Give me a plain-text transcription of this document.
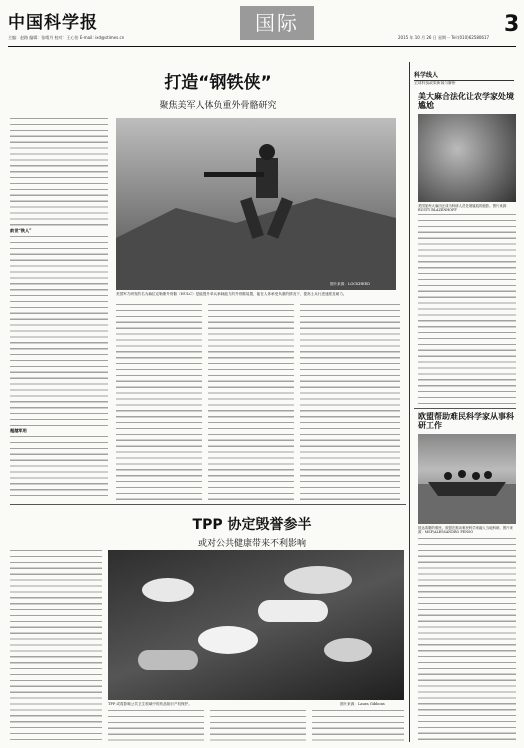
中国科学报
主编：赵路 编辑：张晴丹 校对：王心怡 E-mail: ixd@stimes.cn
国际
2015 年 10 月 26 日 星期一 Tel:(010)62580617
3
打造“钢铁侠”
聚焦美军人体负重外骨骼研究
前世“铁人”
超越军用
图片来源：LOCKHEED
美国军方研发的名为赫拉克勒斯外骨骼（HULC）是能提升单兵承载能力的外骨骼装置，能在人体承受负重的情况下，提高士兵行进速度及耐力。
TPP 协定毁誉参半
或对公共健康带来不利影响
TPP 或将影响公共卫生领域中的药品知识产权保护。	图片来源：Laura Gibbons
科学线人
全球科技政策新闻与解析
美大麻合法化让农学家处境尴尬
美国加州大麻田正成为科研人员处境尴尬的缩影。图片来源：RUSTY BLAZENHOFF
欧盟帮助难民科学家从事科研工作
抵达希腊的难民。欧盟在推动难民科学家融入当地科研。图片来源：MSF/ALESSANDRO PENSO
